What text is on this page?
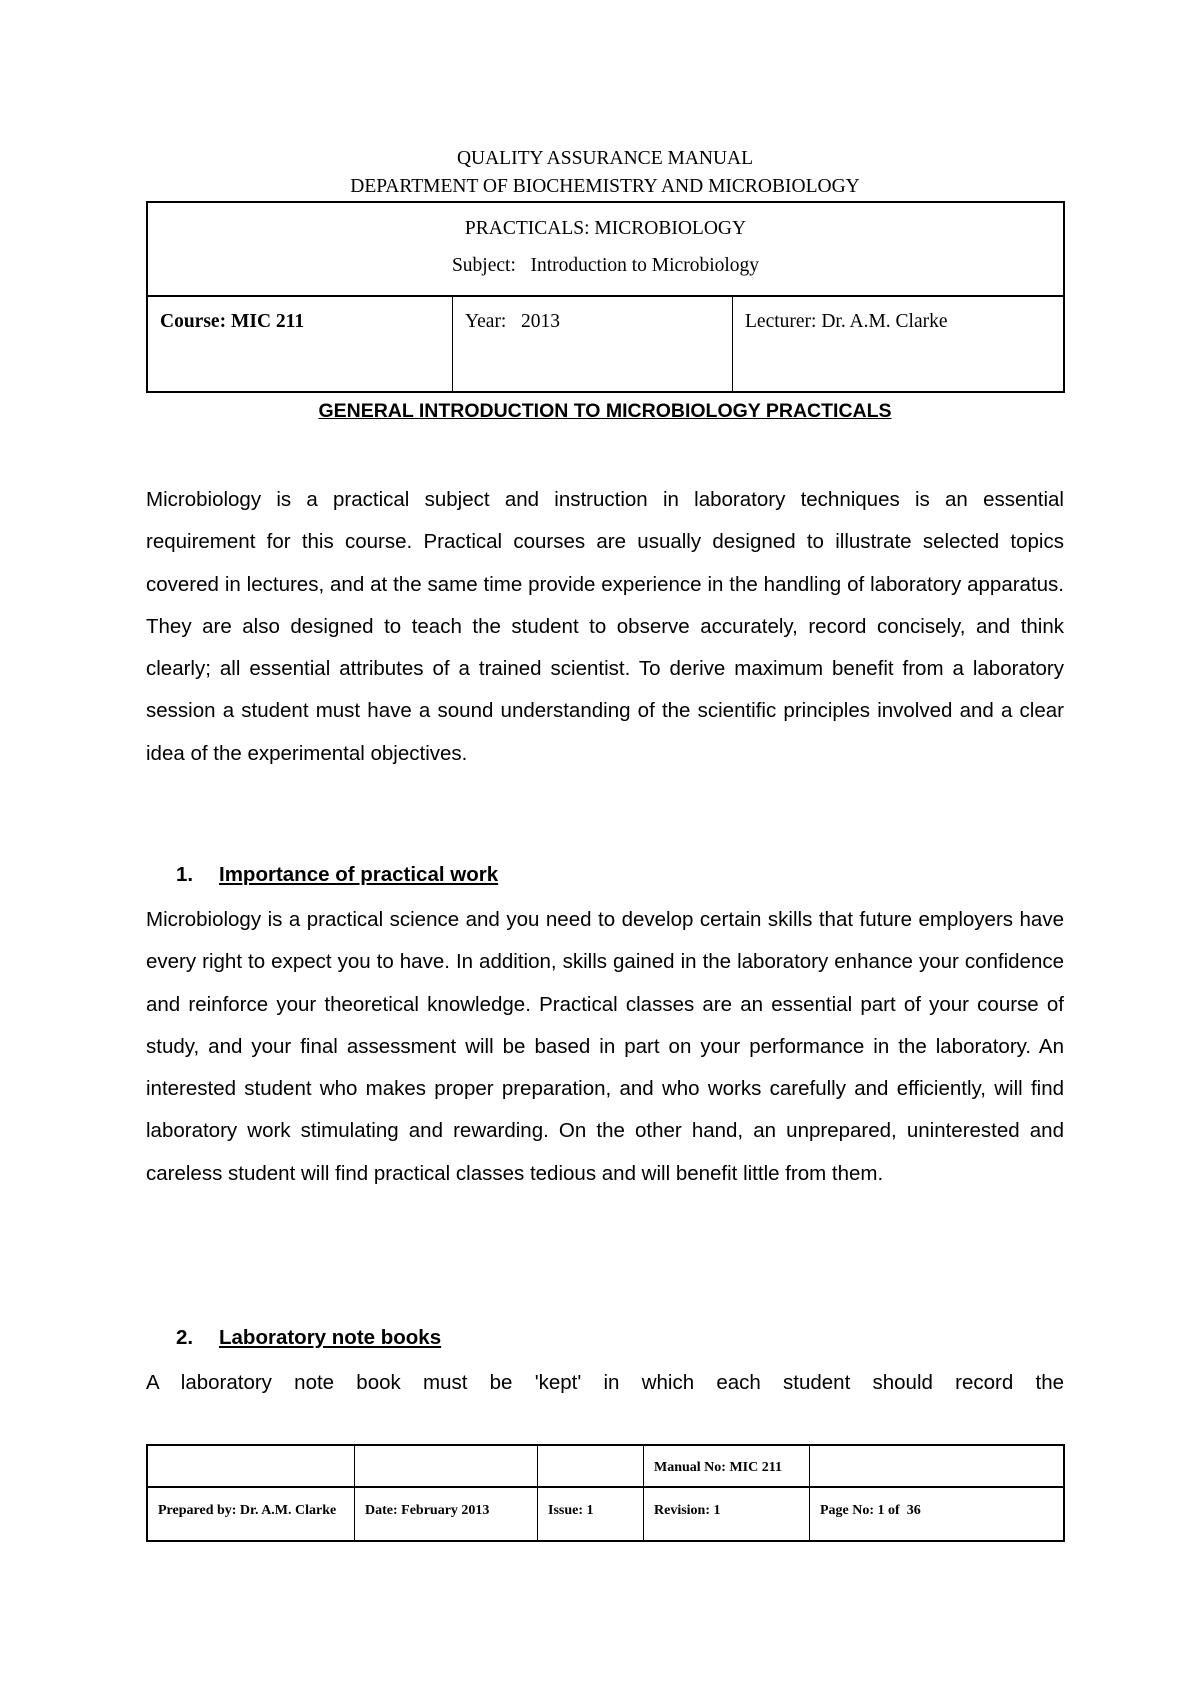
QUALITY ASSURANCE MANUAL
DEPARTMENT OF BIOCHEMISTRY AND MICROBIOLOGY
PRACTICALS: MICROBIOLOGY
Subject:   Introduction to Microbiology

Course: MIC 211	Year:   2013	Lecturer: Dr. A.M. Clarke
GENERAL INTRODUCTION TO MICROBIOLOGY PRACTICALS
Microbiology is a practical subject and instruction in laboratory techniques is an essential requirement for this course. Practical courses are usually designed to illustrate selected topics covered in lectures, and at the same time provide experience in the handling of laboratory apparatus. They are also designed to teach the student to observe accurately, record concisely, and think clearly; all essential attributes of a trained scientist. To derive maximum benefit from a laboratory session a student must have a sound understanding of the scientific principles involved and a clear idea of the experimental objectives.
1. Importance of practical work
Microbiology is a practical science and you need to develop certain skills that future employers have every right to expect you to have. In addition, skills gained in the laboratory enhance your confidence and reinforce your theoretical knowledge. Practical classes are an essential part of your course of study, and your final assessment will be based in part on your performance in the laboratory. An interested student who makes proper preparation, and who works carefully and efficiently, will find laboratory work stimulating and rewarding. On the other hand, an unprepared, uninterested and careless student will find practical classes tedious and will benefit little from them.
2. Laboratory note books
A laboratory note book must be 'kept' in which each student should record the
			Manual No: MIC 211	
Prepared by: Dr. A.M. Clarke	Date: February 2013	Issue: 1	Revision: 1	Page No: 1 of  36
